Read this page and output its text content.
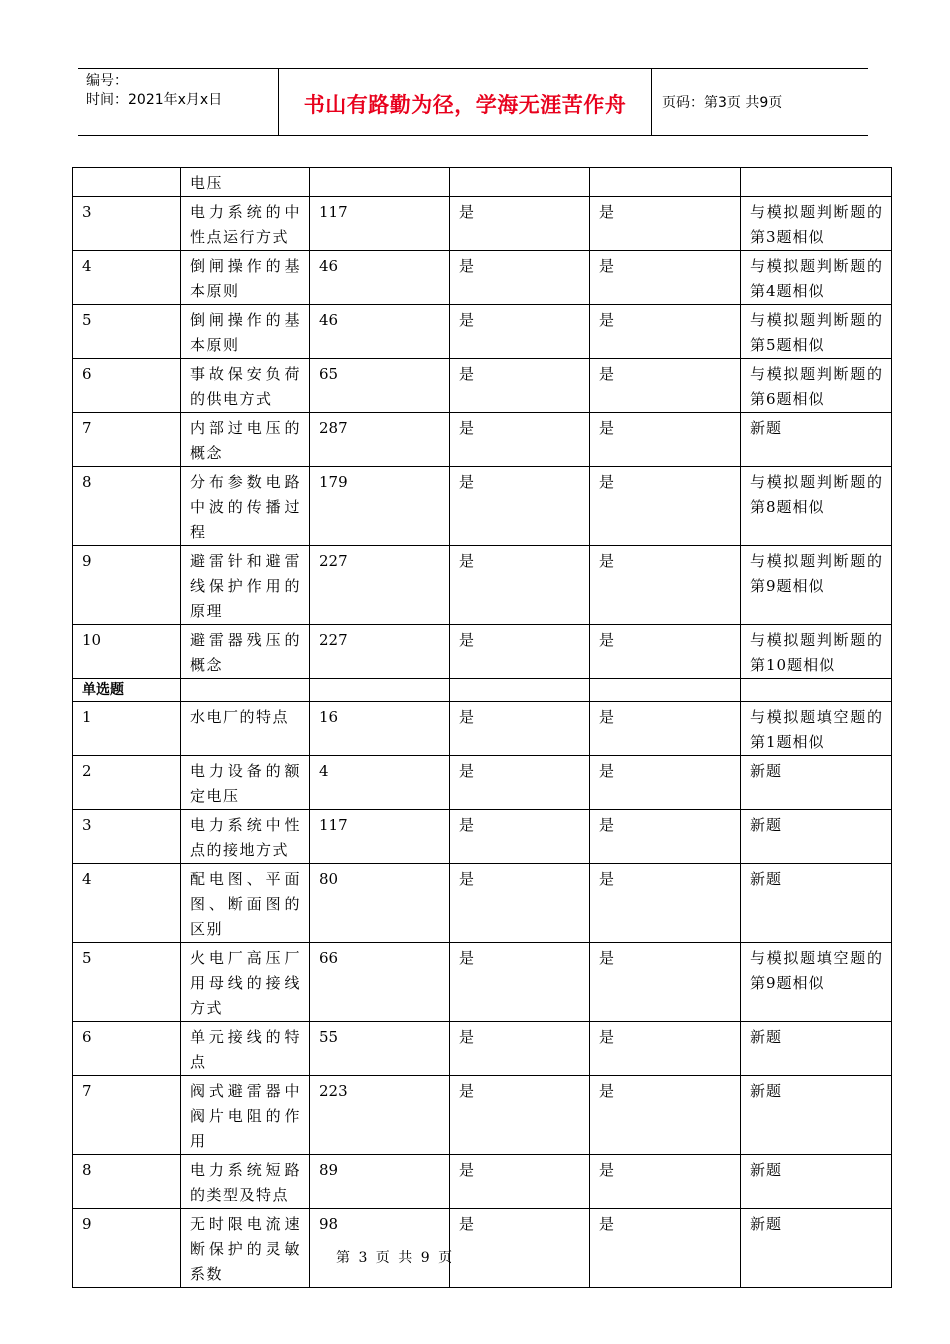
编号：
时间：2021年x月x日	书山有路勤为径，学海无涯苦作舟	页码：第3页 共9页
	电压				
3	电力系统的中性点运行方式	117	是	是	与模拟题判断题的第3题相似
4	倒闸操作的基本原则	46	是	是	与模拟题判断题的第4题相似
5	倒闸操作的基本原则	46	是	是	与模拟题判断题的第5题相似
6	事故保安负荷的供电方式	65	是	是	与模拟题判断题的第6题相似
7	内部过电压的概念	287	是	是	新题
8	分布参数电路中波的传播过程	179	是	是	与模拟题判断题的第8题相似
9	避雷针和避雷线保护作用的原理	227	是	是	与模拟题判断题的第9题相似
10	避雷器残压的概念	227	是	是	与模拟题判断题的第10题相似
单选题					
1	水电厂的特点	16	是	是	与模拟题填空题的第1题相似
2	电力设备的额定电压	4	是	是	新题
3	电力系统中性点的接地方式	117	是	是	新题
4	配电图、平面图、断面图的区别	80	是	是	新题
5	火电厂高压厂用母线的接线方式	66	是	是	与模拟题填空题的第9题相似
6	单元接线的特点	55	是	是	新题
7	阀式避雷器中阀片电阻的作用	223	是	是	新题
8	电力系统短路的类型及特点	89	是	是	新题
9	无时限电流速断保护的灵敏系数	98	是	是	新题
第 3 页 共 9 页
